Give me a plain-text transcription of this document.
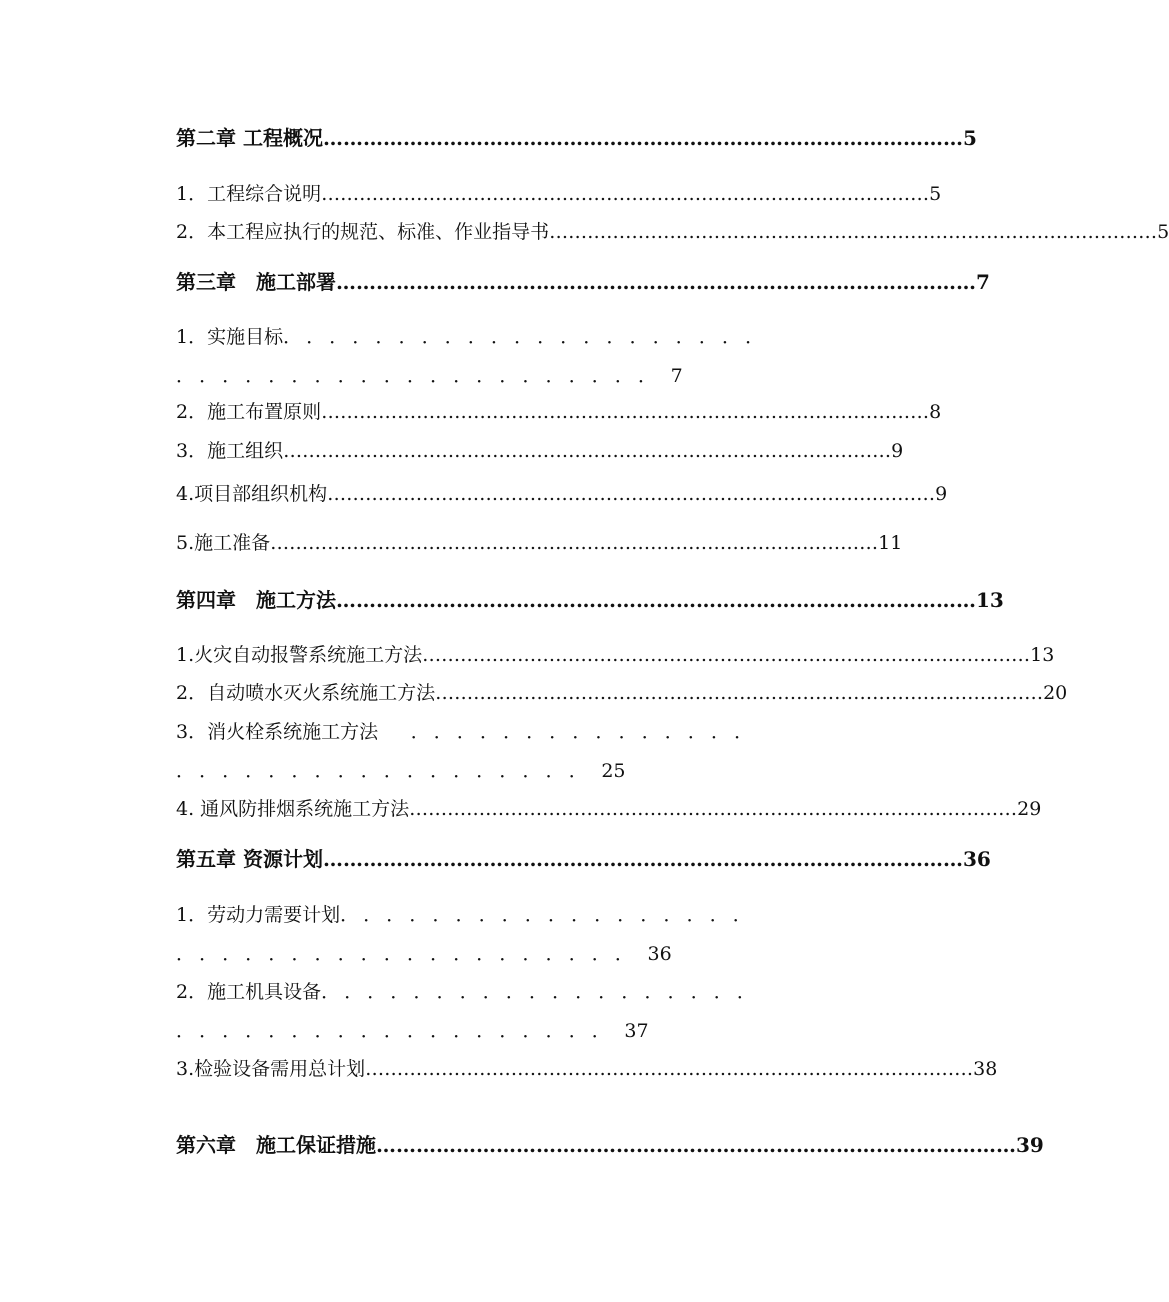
第二章 工程概况 …………………………………………………………………………………… 5
1．工程综合说明 …………………………………………………………………………………… 5
2．本工程应执行的规范、标准、作业指导书 …………………………………………………………………………………… 5
第三章　施工部署 …………………………………………………………………………………… 7
1．实施目标．．．．．．．．．．．．．．．．．．．．．
．．．．．．．．．．．．．．．．．．．．．7
2．施工布置原则 …………………………………………………………………………………… 8
3．施工组织 …………………………………………………………………………………… 9
4.项目部组织机构 …………………………………………………………………………………… 9
5.施工准备 …………………………………………………………………………………… 11
第四章　施工方法 …………………………………………………………………………………… 13
1.火灾自动报警系统施工方法 …………………………………………………………………………………… 13
2．自动喷水灭火系统施工方法 …………………………………………………………………………………… 20
3．消火栓系统施工方法　．．．．．．．．．．．．．．．
．．．．．．．．．．．．．．．．．．25
4. 通风防排烟系统施工方法 …………………………………………………………………………………… 29
第五章 资源计划 …………………………………………………………………………………… 36
1．劳动力需要计划．．．．．．．．．．．．．．．．．．
．．．．．．．．．．．．．．．．．．．．36
2．施工机具设备．．．．．．．．．．．．．．．．．．．
．．．．．．．．．．．．．．．．．．．37
3.检验设备需用总计划 …………………………………………………………………………………… 38
第六章　施工保证措施 …………………………………………………………………………………… 39
